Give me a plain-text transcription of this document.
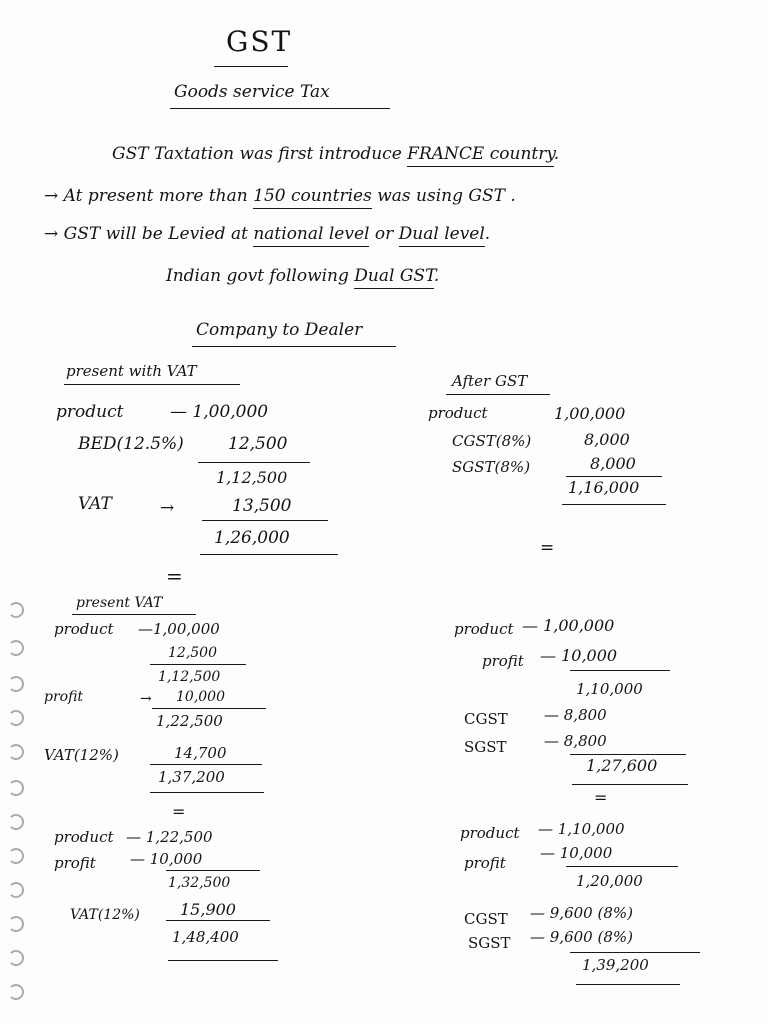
GST
Goods service Tax
GST Taxtation was first introduce FRANCE country.
→ At present more than 150 countries was using GST .
→ GST will be Levied at national level or Dual level.
Indian govt following Dual GST.
Company to Dealer
present with VAT
product	— 1,00,000
BED(12.5%)	12,500
1,12,500
VAT	→	13,500
1,26,000
After GST
product	1,00,000
CGST(8%)	8,000
SGST(8%)	8,000
1,16,000
=
=
present VAT
product —1,00,000
12,500
1,12,500
profit	→ 10,000
1,22,500
VAT(12%)	14,700
1,37,200
product — 1,00,000
profit — 10,000
1,10,000
CGST — 8,800
SGST — 8,800
1,27,600
=
=
product — 1,22,500
profit — 10,000
1,32,500
VAT(12%)	15,900
1,48,400
product — 1,10,000
profit
— 10,000
1,20,000
CGST — 9,600 (8%)
SGST — 9,600 (8%)
1,39,200
